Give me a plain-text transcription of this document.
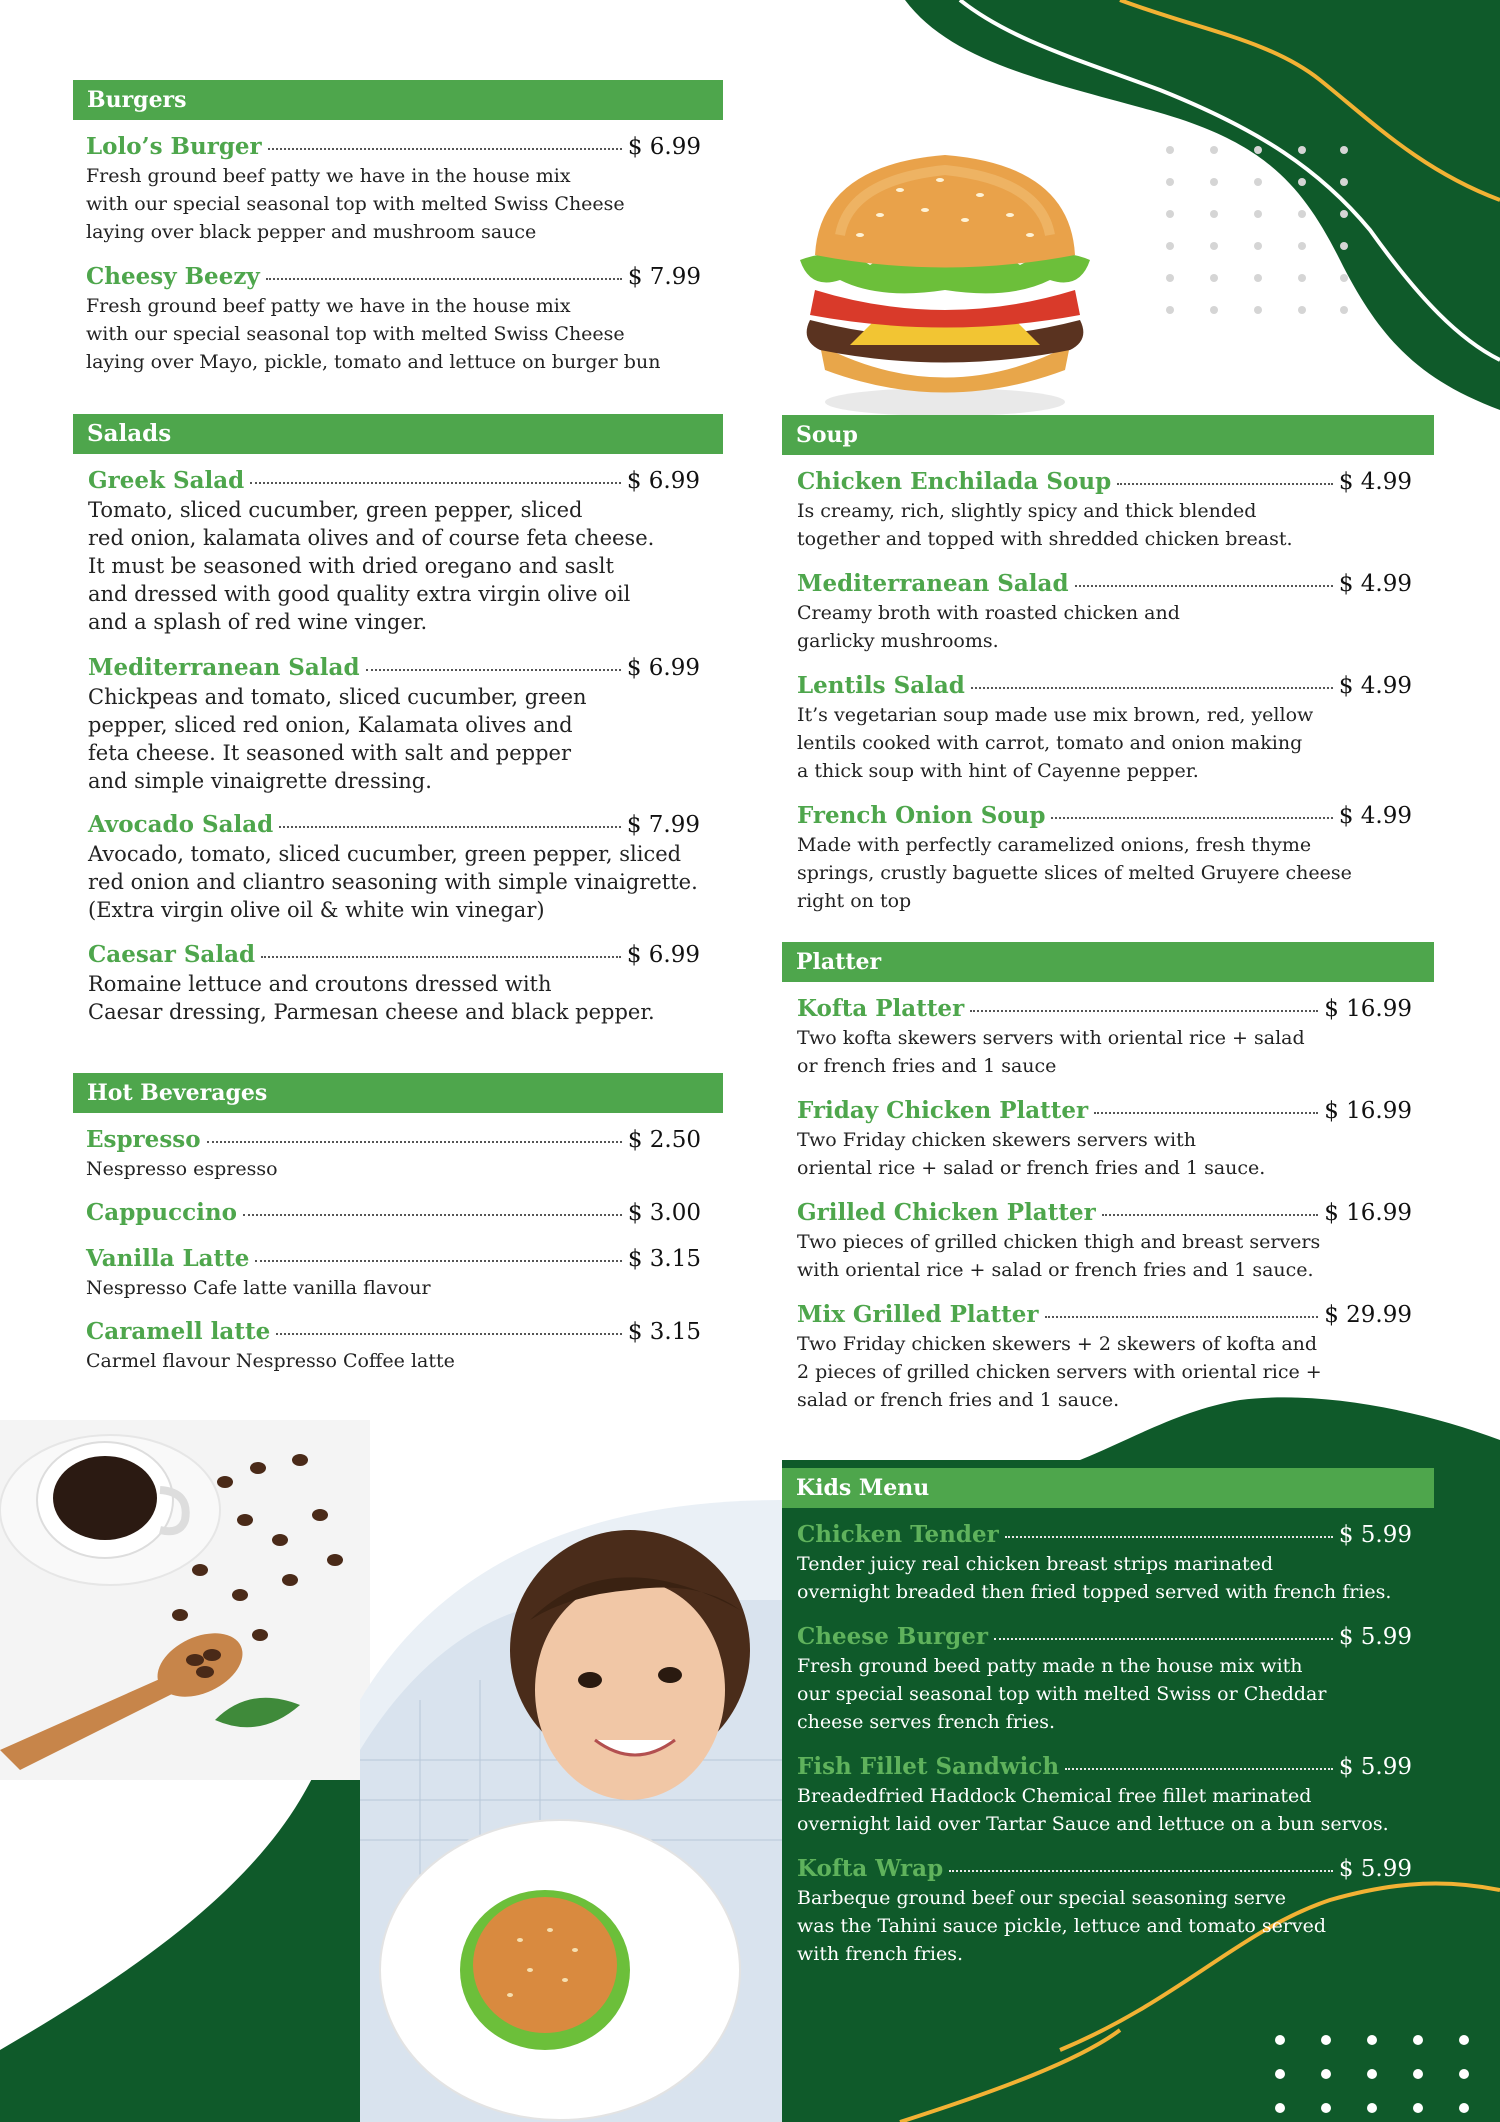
Burgers
Lolo’s Burger	$ 6.99
Fresh ground beef patty we have in the house mix
with our special seasonal top with melted Swiss Cheese
laying over black pepper and mushroom sauce
Cheesy Beezy	$ 7.99
Fresh ground beef patty we have in the house mix
with our special seasonal top with melted Swiss Cheese
laying over Mayo, pickle, tomato and lettuce on burger bun
Salads
Greek Salad	$ 6.99
Tomato, sliced cucumber, green pepper, sliced
red onion, kalamata olives and of course feta cheese.
It must be seasoned with dried oregano and saslt
and dressed with good quality extra virgin olive oil
and a splash of red wine vinger.
Mediterranean Salad	$ 6.99
Chickpeas and tomato, sliced cucumber, green
pepper, sliced red onion, Kalamata olives and
feta cheese. It seasoned with salt and pepper
and simple vinaigrette dressing.
Avocado Salad	$ 7.99
Avocado, tomato, sliced cucumber, green pepper, sliced
red onion and cliantro seasoning with simple vinaigrette.
(Extra virgin olive oil & white win vinegar)
Caesar Salad	$ 6.99
Romaine lettuce and croutons dressed with
Caesar dressing, Parmesan cheese and black pepper.
Hot Beverages
Espresso	$ 2.50
Nespresso espresso
Cappuccino	$ 3.00
Vanilla Latte	$ 3.15
Nespresso Cafe latte vanilla flavour
Caramell latte	$ 3.15
Carmel flavour Nespresso Coffee latte
Soup
Chicken Enchilada Soup	$ 4.99
Is creamy, rich, slightly spicy and thick blended
together and topped with shredded chicken breast.
Mediterranean Salad	$ 4.99
Creamy broth with roasted chicken and
garlicky mushrooms.
Lentils Salad	$ 4.99
It’s vegetarian soup made use mix brown, red, yellow
lentils cooked with carrot, tomato and onion making
a thick soup with hint of Cayenne pepper.
French Onion Soup	$ 4.99
Made with perfectly caramelized onions, fresh thyme
springs, crustly baguette slices of melted Gruyere cheese
right on top
Platter
Kofta Platter	$ 16.99
Two kofta skewers servers with oriental rice + salad
or french fries and 1 sauce
Friday Chicken Platter	$ 16.99
Two Friday chicken skewers servers with
oriental rice + salad or french fries and 1 sauce.
Grilled Chicken Platter	$ 16.99
Two pieces of grilled chicken thigh and breast servers
with oriental rice + salad or french fries and 1 sauce.
Mix Grilled Platter	$ 29.99
Two Friday chicken skewers + 2 skewers of kofta and
2 pieces of grilled chicken servers with oriental rice +
salad or french fries and 1 sauce.
Kids Menu
Chicken Tender	$ 5.99
Tender juicy real chicken breast strips marinated
overnight breaded then fried topped served with french fries.
Cheese Burger	$ 5.99
Fresh ground beed patty made n the house mix with
our special seasonal top with melted Swiss or Cheddar
cheese serves french fries.
Fish Fillet Sandwich	$ 5.99
Breadedfried Haddock Chemical free fillet marinated
overnight laid over Tartar Sauce and lettuce on a bun servos.
Kofta Wrap	$ 5.99
Barbeque ground beef our special seasoning serve
was the Tahini sauce pickle, lettuce and tomato served
with french fries.
